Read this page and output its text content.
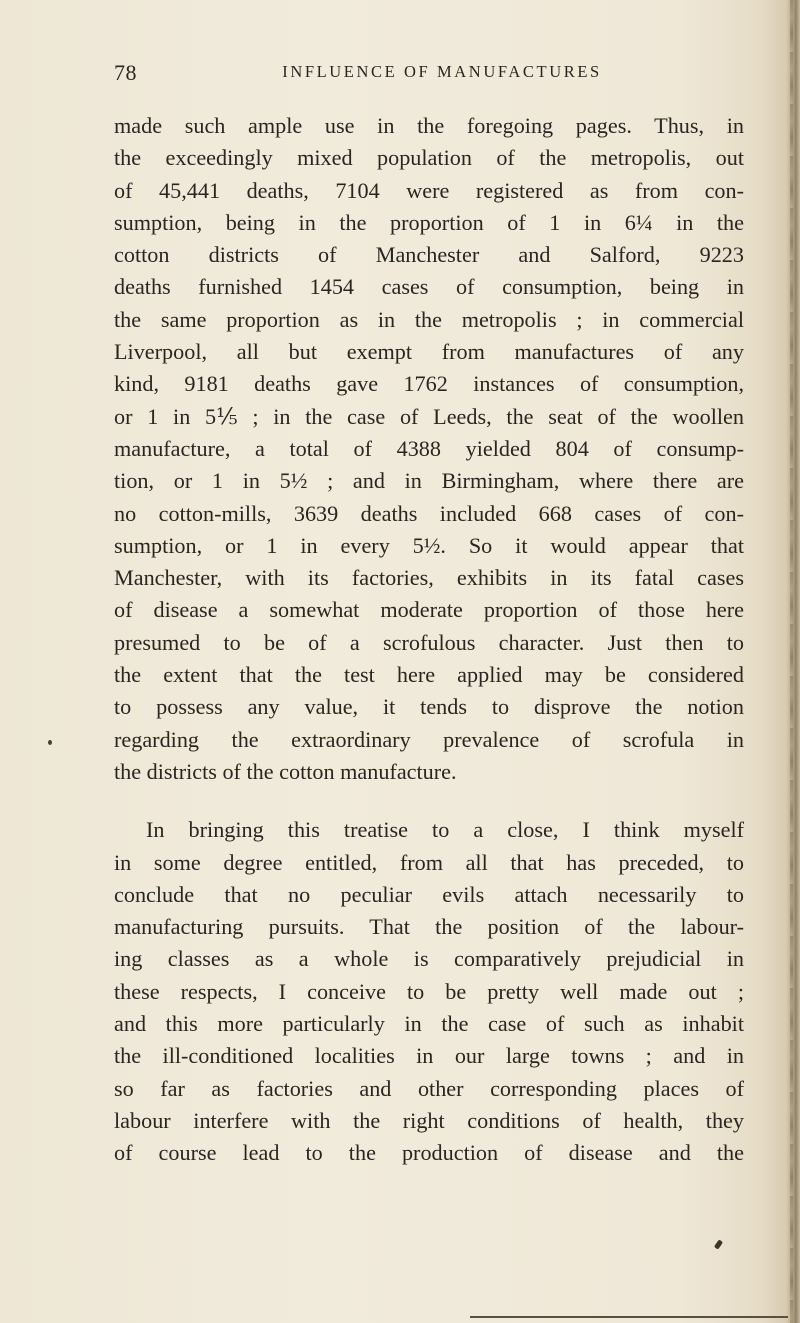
78	INFLUENCE OF MANUFACTURES
made such ample use in the foregoing pages. Thus, in
the exceedingly mixed population of the metropolis, out
of 45,441 deaths, 7104 were registered as from con-
sumption, being in the proportion of 1 in 6¼ in the
cotton districts of Manchester and Salford, 9223
deaths furnished 1454 cases of consumption, being in
the same proportion as in the metropolis ; in commercial
Liverpool, all but exempt from manufactures of any
kind, 9181 deaths gave 1762 instances of consumption,
or 1 in 5⅕ ; in the case of Leeds, the seat of the woollen
manufacture, a total of 4388 yielded 804 of consump-
tion, or 1 in 5½ ; and in Birmingham, where there are
no cotton-mills, 3639 deaths included 668 cases of con-
sumption, or 1 in every 5½. So it would appear that
Manchester, with its factories, exhibits in its fatal cases
of disease a somewhat moderate proportion of those here
presumed to be of a scrofulous character. Just then to
the extent that the test here applied may be considered
to possess any value, it tends to disprove the notion
regarding the extraordinary prevalence of scrofula in
the districts of the cotton manufacture.
In bringing this treatise to a close, I think myself
in some degree entitled, from all that has preceded, to
conclude that no peculiar evils attach necessarily to
manufacturing pursuits. That the position of the labour-
ing classes as a whole is comparatively prejudicial in
these respects, I conceive to be pretty well made out ;
and this more particularly in the case of such as inhabit
the ill-conditioned localities in our large towns ; and in
so far as factories and other corresponding places of
labour interfere with the right conditions of health, they
of course lead to the production of disease and the
